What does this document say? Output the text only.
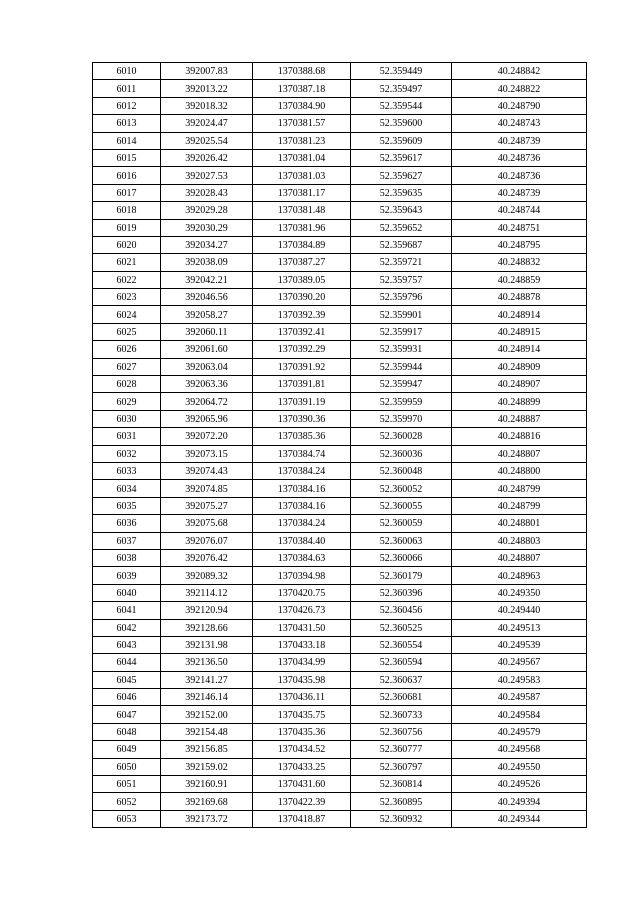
6010	392007.83	1370388.68	52.359449	40.248842
6011	392013.22	1370387.18	52.359497	40.248822
6012	392018.32	1370384.90	52.359544	40.248790
6013	392024.47	1370381.57	52.359600	40.248743
6014	392025.54	1370381.23	52.359609	40.248739
6015	392026.42	1370381.04	52.359617	40.248736
6016	392027.53	1370381.03	52.359627	40.248736
6017	392028.43	1370381.17	52.359635	40.248739
6018	392029.28	1370381.48	52.359643	40.248744
6019	392030.29	1370381.96	52.359652	40.248751
6020	392034.27	1370384.89	52.359687	40.248795
6021	392038.09	1370387.27	52.359721	40.248832
6022	392042.21	1370389.05	52.359757	40.248859
6023	392046.56	1370390.20	52.359796	40.248878
6024	392058.27	1370392.39	52.359901	40.248914
6025	392060.11	1370392.41	52.359917	40.248915
6026	392061.60	1370392.29	52.359931	40.248914
6027	392063.04	1370391.92	52.359944	40.248909
6028	392063.36	1370391.81	52.359947	40.248907
6029	392064.72	1370391.19	52.359959	40.248899
6030	392065.96	1370390.36	52.359970	40.248887
6031	392072.20	1370385.36	52.360028	40.248816
6032	392073.15	1370384.74	52.360036	40.248807
6033	392074.43	1370384.24	52.360048	40.248800
6034	392074.85	1370384.16	52.360052	40.248799
6035	392075.27	1370384.16	52.360055	40.248799
6036	392075.68	1370384.24	52.360059	40.248801
6037	392076.07	1370384.40	52.360063	40.248803
6038	392076.42	1370384.63	52.360066	40.248807
6039	392089.32	1370394.98	52.360179	40.248963
6040	392114.12	1370420.75	52.360396	40.249350
6041	392120.94	1370426.73	52.360456	40.249440
6042	392128.66	1370431.50	52.360525	40.249513
6043	392131.98	1370433.18	52.360554	40.249539
6044	392136.50	1370434.99	52.360594	40.249567
6045	392141.27	1370435.98	52.360637	40.249583
6046	392146.14	1370436.11	52.360681	40.249587
6047	392152.00	1370435.75	52.360733	40.249584
6048	392154.48	1370435.36	52.360756	40.249579
6049	392156.85	1370434.52	52.360777	40.249568
6050	392159.02	1370433.25	52.360797	40.249550
6051	392160.91	1370431.60	52.360814	40.249526
6052	392169.68	1370422.39	52.360895	40.249394
6053	392173.72	1370418.87	52.360932	40.249344
